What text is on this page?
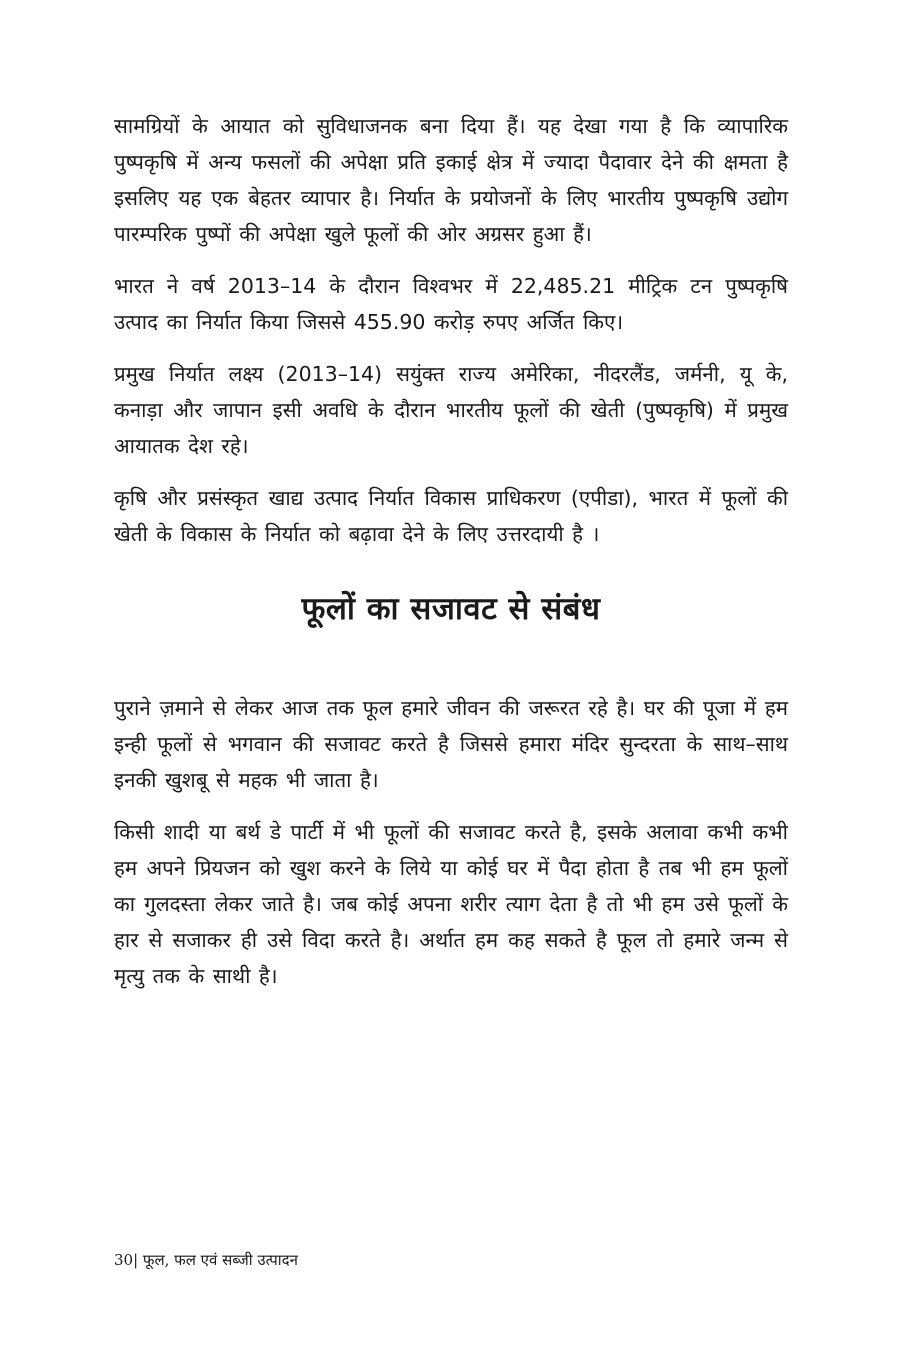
सामग्रियों के आयात को सुविधाजनक बना दिया हैं। यह देखा गया है कि व्यापारिक पुष्पकृषि में अन्य फसलों की अपेक्षा प्रति इकाई क्षेत्र में ज्यादा पैदावार देने की क्षमता है इसलिए यह एक बेहतर व्यापार है। निर्यात के प्रयोजनों के लिए भारतीय पुष्पकृषि उद्योग पारम्परिक पुष्पों की अपेक्षा खुले फूलों की ओर अग्रसर हुआ हैं।

भारत ने वर्ष 2013–14 के दौरान विश्वभर में 22,485.21 मीट्रिक टन पुष्पकृषि उत्पाद का निर्यात किया जिससे 455.90 करोड़ रुपए अर्जित किए।

प्रमुख निर्यात लक्ष्य (2013–14) सयुंक्त राज्य अमेरिका, नीदरलैंड, जर्मनी, यू के, कनाड़ा और जापान इसी अवधि के दौरान भारतीय फूलों की खेती (पुष्पकृषि) में प्रमुख आयातक देश रहे।

कृषि और प्रसंस्कृत खाद्य उत्पाद निर्यात विकास प्राधिकरण (एपीडा), भारत में फूलों की खेती के विकास के निर्यात को बढ़ावा देने के लिए उत्तरदायी है ।

फूलों का सजावट से संबंध

पुराने ज़माने से लेकर आज तक फूल हमारे जीवन की जरूरत रहे है। घर की पूजा में हम इन्ही फूलों से भगवान की सजावट करते है जिससे हमारा मंदिर सुन्दरता के साथ–साथ इनकी खुशबू से महक भी जाता है।

किसी शादी या बर्थ डे पार्टी में भी फूलों की सजावट करते है, इसके अलावा कभी कभी हम अपने प्रियजन को खुश करने के लिये या कोई घर में पैदा होता है तब भी हम फूलों का गुलदस्ता लेकर जाते है। जब कोई अपना शरीर त्याग देता है तो भी हम उसे फूलों के हार से सजाकर ही उसे विदा करते है। अर्थात हम कह सकते है फूल तो हमारे जन्म से मृत्यु तक के साथी है।

30| फूल, फल एवं सब्जी उत्पादन
